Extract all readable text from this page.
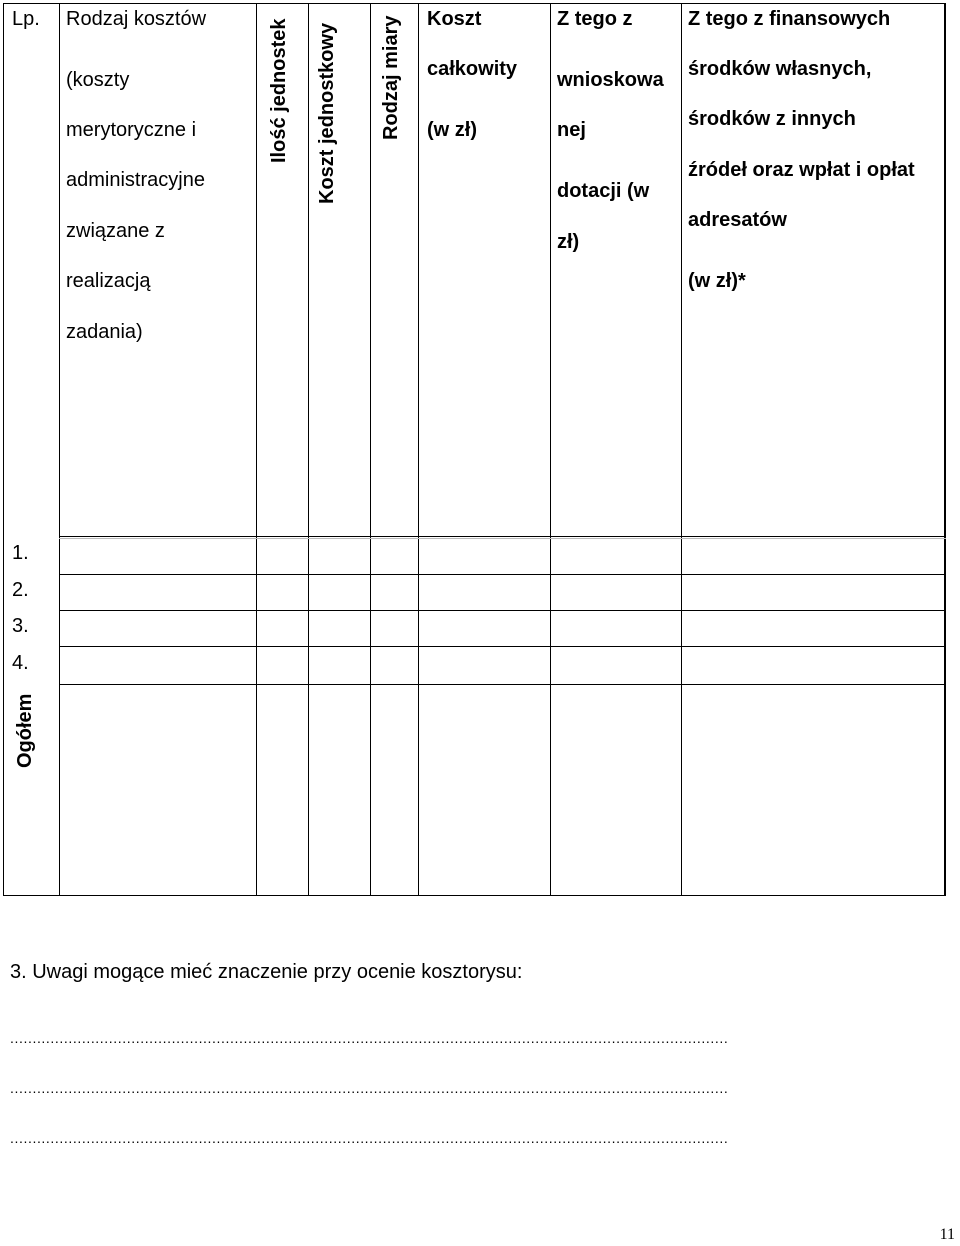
Lp. Rodzaj kosztów
(koszty
merytoryczne i
administracyjne
związane z
realizacją
zadania)
Ilość jednostek Koszt jednostkowy Rodzaj miary Koszt
całkowity
(w zł)
Z tego z
wnioskowa
nej
dotacji (w
zł)
Z tego z finansowych
środków własnych,
środków z innych
źródeł oraz wpłat i opłat
adresatów
(w zł)*
1.
2.
3.
4.
Ogółem
3. Uwagi mogące mieć znaczenie przy ocenie kosztorysu:
................................................................................................................................................................
................................................................................................................................................................
................................................................................................................................................................
11
